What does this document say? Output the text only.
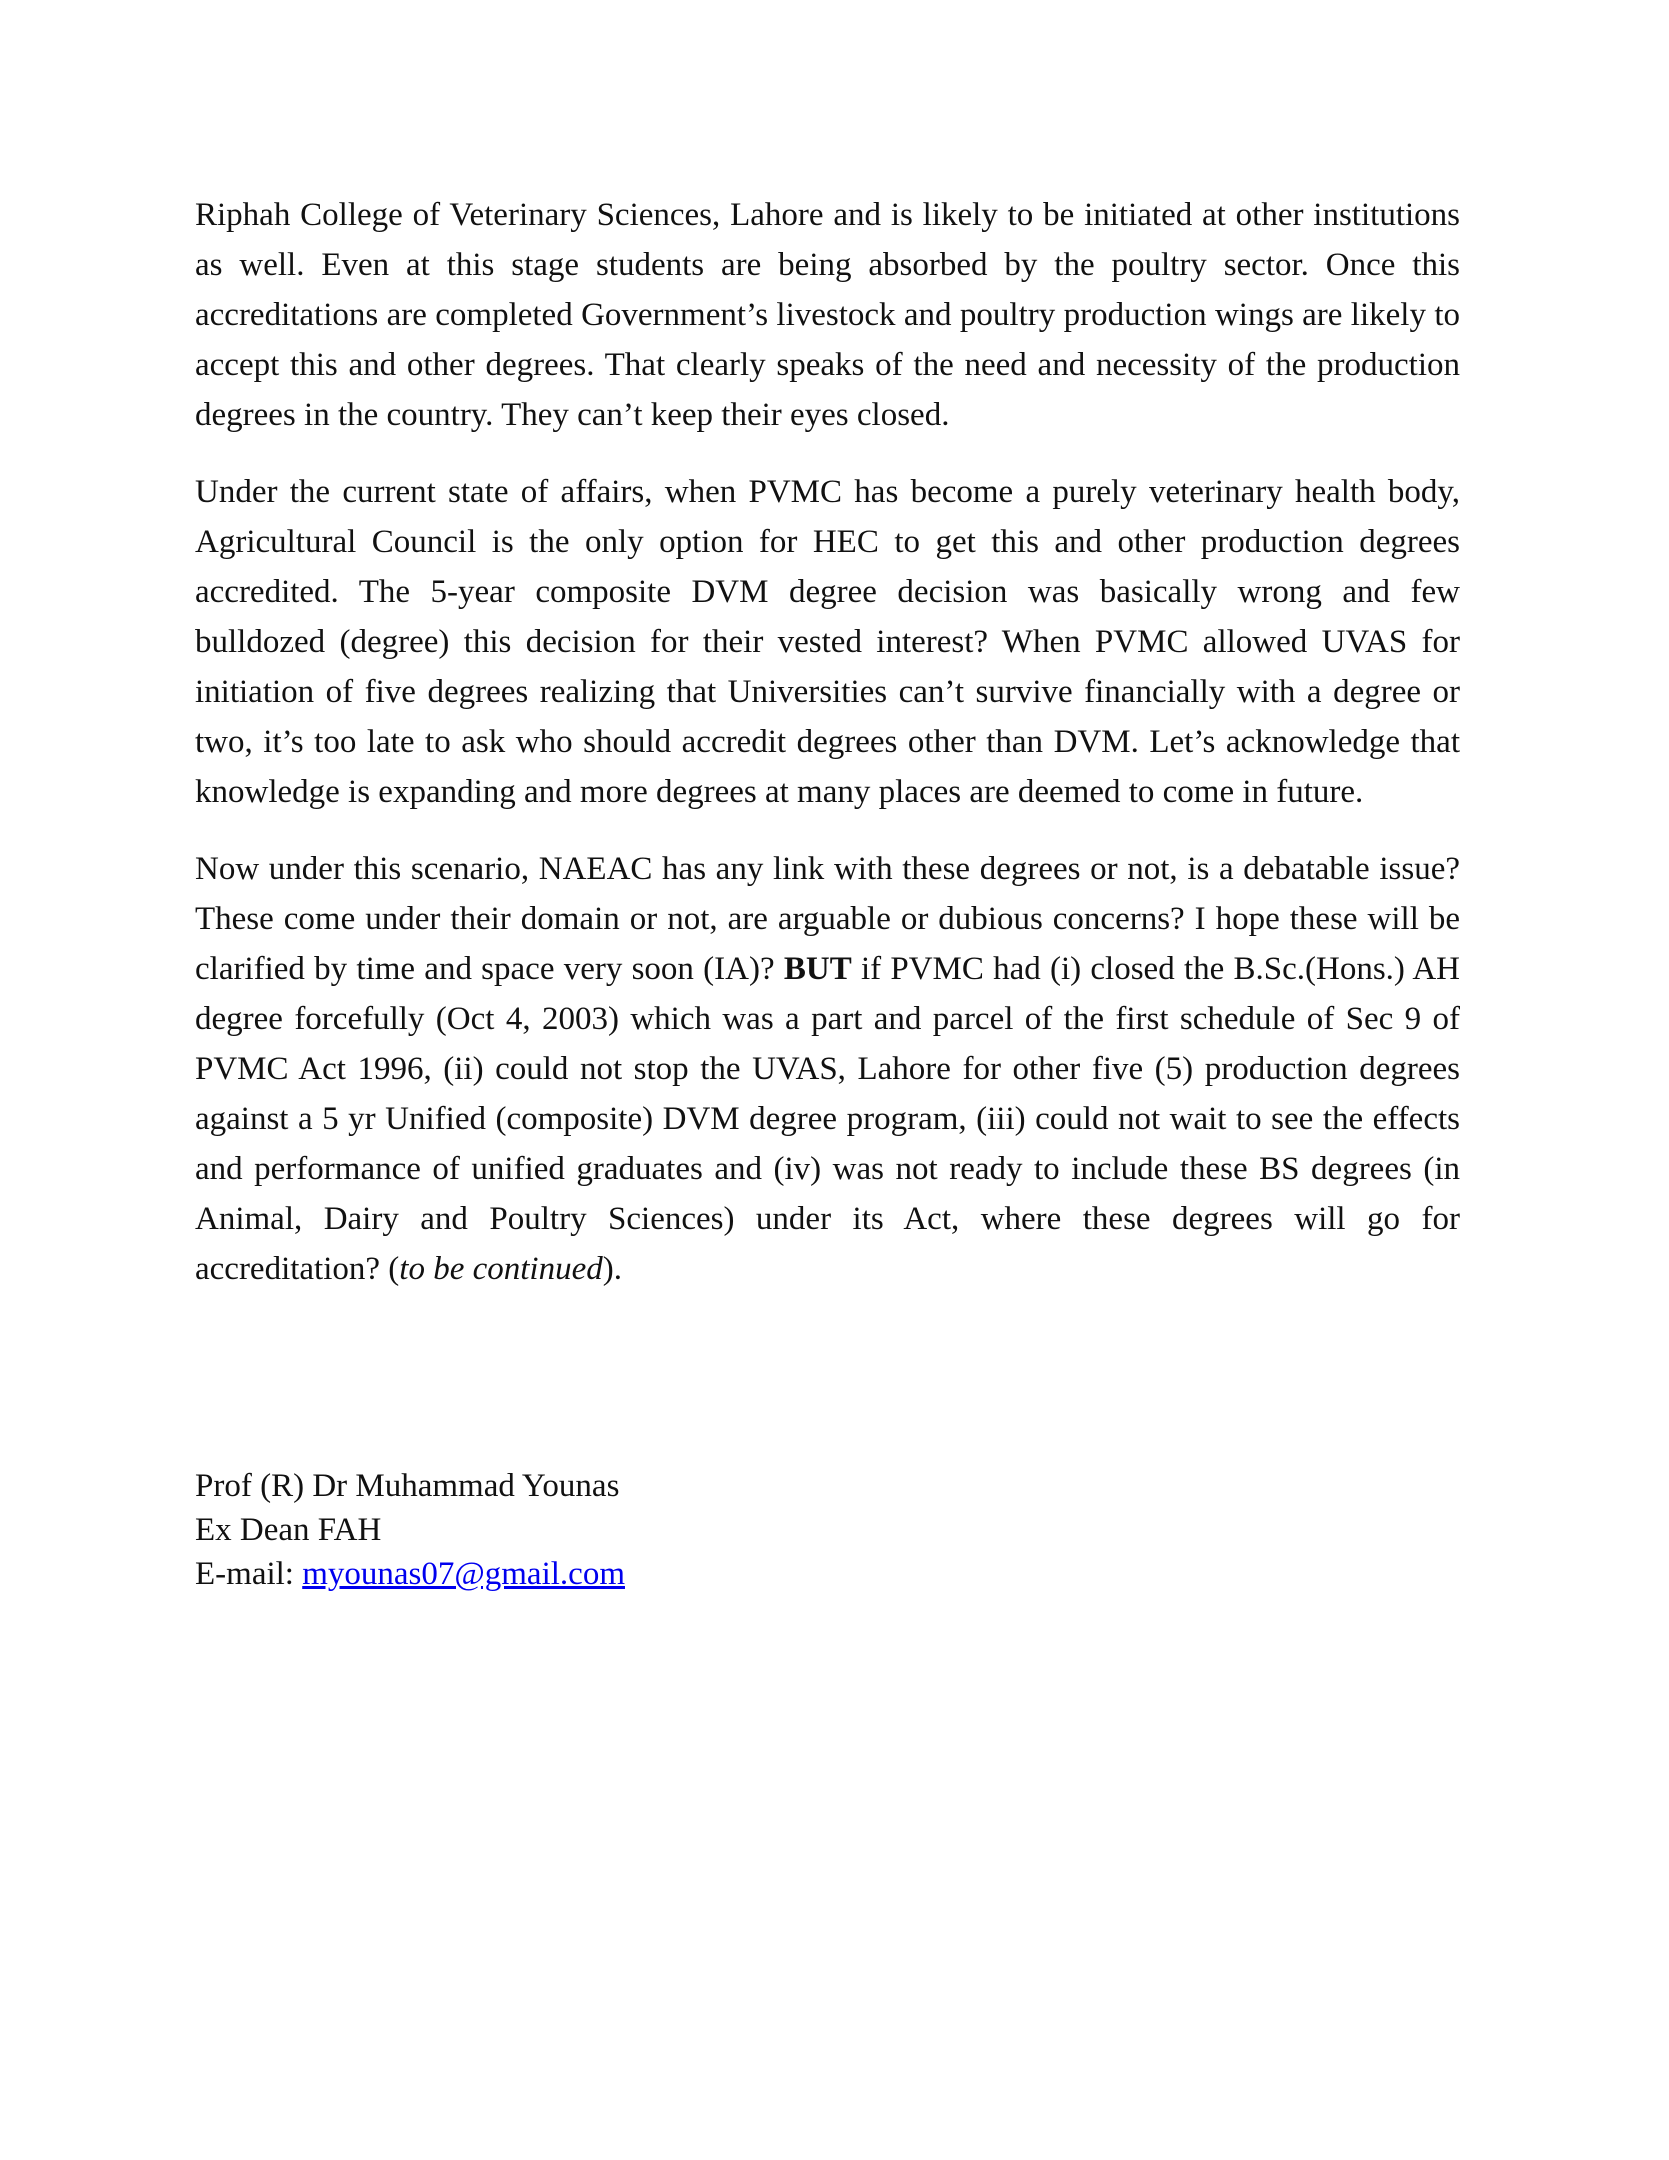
Riphah College of Veterinary Sciences, Lahore and is likely to be initiated at other institutions as well. Even at this stage students are being absorbed by the poultry sector. Once this accreditations are completed Government’s livestock and poultry production wings are likely to accept this and other degrees. That clearly speaks of the need and necessity of the production degrees in the country. They can’t keep their eyes closed.

Under the current state of affairs, when PVMC has become a purely veterinary health body, Agricultural Council is the only option for HEC to get this and other production degrees accredited. The 5-year composite DVM degree decision was basically wrong and few bulldozed (degree) this decision for their vested interest? When PVMC allowed UVAS for initiation of five degrees realizing that Universities can’t survive financially with a degree or two, it’s too late to ask who should accredit degrees other than DVM. Let’s acknowledge that knowledge is expanding and more degrees at many places are deemed to come in future.

Now under this scenario, NAEAC has any link with these degrees or not, is a debatable issue? These come under their domain or not, are arguable or dubious concerns? I hope these will be clarified by time and space very soon (IA)? BUT if PVMC had (i) closed the B.Sc.(Hons.) AH degree forcefully (Oct 4, 2003) which was a part and parcel of the first schedule of Sec 9 of PVMC Act 1996, (ii) could not stop the UVAS, Lahore for other five (5) production degrees against a 5 yr Unified (composite) DVM degree program, (iii) could not wait to see the effects and performance of unified graduates and (iv) was not ready to include these BS degrees (in Animal, Dairy and Poultry Sciences) under its Act, where these degrees will go for accreditation? (to be continued).

Prof (R) Dr Muhammad Younas
Ex Dean FAH
E-mail: myounas07@gmail.com
